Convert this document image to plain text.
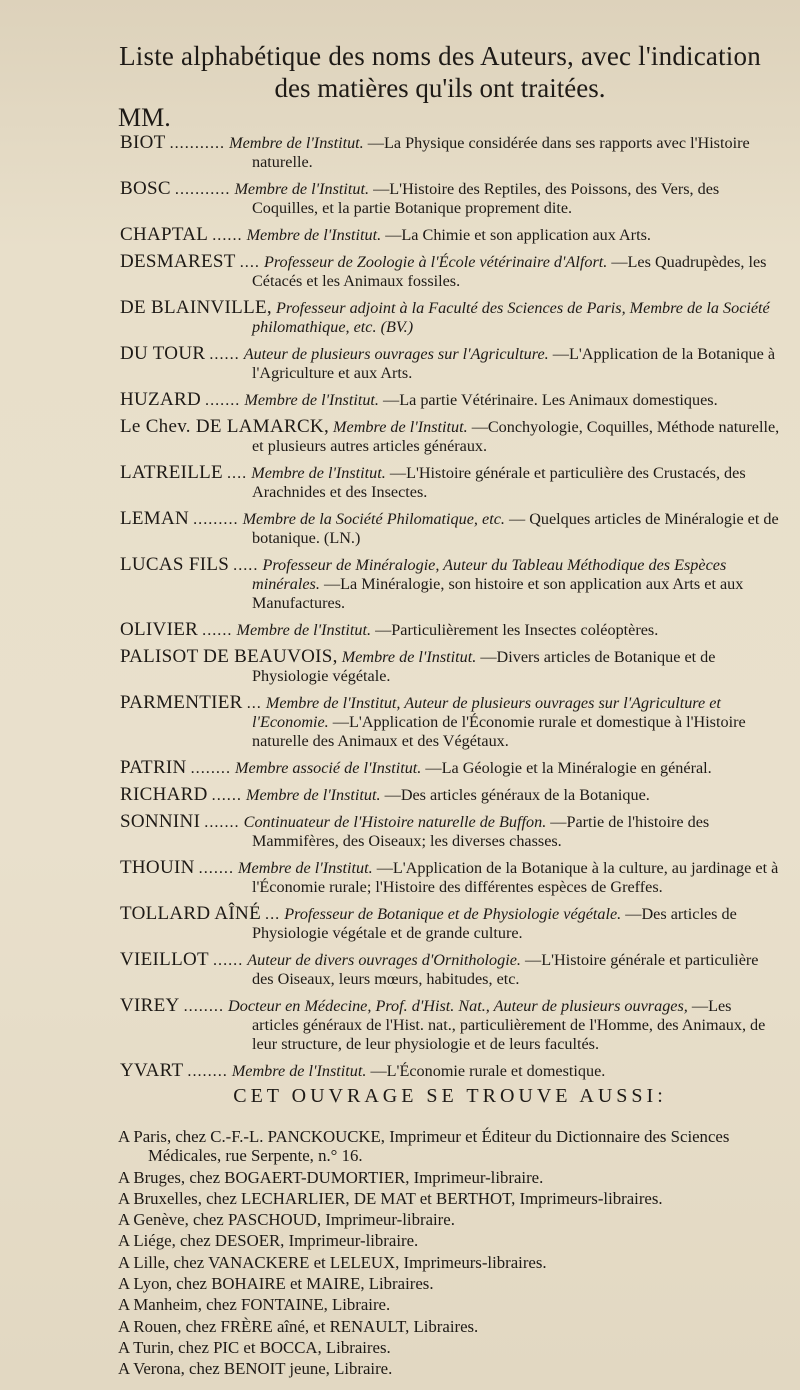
Liste alphabétique des noms des Auteurs, avec l'indication
des matières qu'ils ont traitées.
MM.
BIOT ........... Membre de l'Institut. —La Physique considérée dans ses rapports avec l'Histoire naturelle.
BOSC ........... Membre de l'Institut. —L'Histoire des Reptiles, des Poissons, des Vers, des Coquilles, et la partie Botanique proprement dite.
CHAPTAL ...... Membre de l'Institut. —La Chimie et son application aux Arts.
DESMAREST .... Professeur de Zoologie à l'École vétérinaire d'Alfort. —Les Quadrupèdes, les Cétacés et les Animaux fossiles.
DE BLAINVILLE, Professeur adjoint à la Faculté des Sciences de Paris, Membre de la Société philomathique, etc. (BV.)
DU TOUR ...... Auteur de plusieurs ouvrages sur l'Agriculture. —L'Application de la Botanique à l'Agriculture et aux Arts.
HUZARD ....... Membre de l'Institut. —La partie Vétérinaire. Les Animaux domestiques.
Le Chev. DE LAMARCK, Membre de l'Institut. —Conchyologie, Coquilles, Méthode naturelle, et plusieurs autres articles généraux.
LATREILLE .... Membre de l'Institut. —L'Histoire générale et particulière des Crustacés, des Arachnides et des Insectes.
LEMAN ......... Membre de la Société Philomatique, etc. — Quelques articles de Minéralogie et de botanique. (LN.)
LUCAS FILS ..... Professeur de Minéralogie, Auteur du Tableau Méthodique des Espèces minérales. —La Minéralogie, son histoire et son application aux Arts et aux Manufactures.
OLIVIER ...... Membre de l'Institut. —Particulièrement les Insectes coléoptères.
PALISOT DE BEAUVOIS, Membre de l'Institut. —Divers articles de Botanique et de Physiologie végétale.
PARMENTIER ... Membre de l'Institut, Auteur de plusieurs ouvrages sur l'Agriculture et l'Economie. —L'Application de l'Économie rurale et domestique à l'Histoire naturelle des Animaux et des Végétaux.
PATRIN ........ Membre associé de l'Institut. —La Géologie et la Minéralogie en général.
RICHARD ...... Membre de l'Institut. —Des articles généraux de la Botanique.
SONNINI ....... Continuateur de l'Histoire naturelle de Buffon. —Partie de l'histoire des Mammifères, des Oiseaux; les diverses chasses.
THOUIN ....... Membre de l'Institut. —L'Application de la Botanique à la culture, au jardinage et à l'Économie rurale; l'Histoire des différentes espèces de Greffes.
TOLLARD AÎNÉ ... Professeur de Botanique et de Physiologie végétale. —Des articles de Physiologie végétale et de grande culture.
VIEILLOT ...... Auteur de divers ouvrages d'Ornithologie. —L'Histoire générale et particulière des Oiseaux, leurs mœurs, habitudes, etc.
VIREY ........ Docteur en Médecine, Prof. d'Hist. Nat., Auteur de plusieurs ouvrages, —Les articles généraux de l'Hist. nat., particulièrement de l'Homme, des Animaux, de leur structure, de leur physiologie et de leurs facultés.
YVART ........ Membre de l'Institut. —L'Économie rurale et domestique.
CET OUVRAGE SE TROUVE AUSSI:
A Paris, chez C.-F.-L. PANCKOUCKE, Imprimeur et Éditeur du Dictionnaire des Sciences Médicales, rue Serpente, n.° 16.
A Bruges, chez BOGAERT-DUMORTIER, Imprimeur-libraire.
A Bruxelles, chez LECHARLIER, DE MAT et BERTHOT, Imprimeurs-libraires.
A Genève, chez PASCHOUD, Imprimeur-libraire.
A Liége, chez DESOER, Imprimeur-libraire.
A Lille, chez VANACKERE et LELEUX, Imprimeurs-libraires.
A Lyon, chez BOHAIRE et MAIRE, Libraires.
A Manheim, chez FONTAINE, Libraire.
A Rouen, chez FRÈRE aîné, et RENAULT, Libraires.
A Turin, chez PIC et BOCCA, Libraires.
A Verona, chez BENOIT jeune, Libraire.
